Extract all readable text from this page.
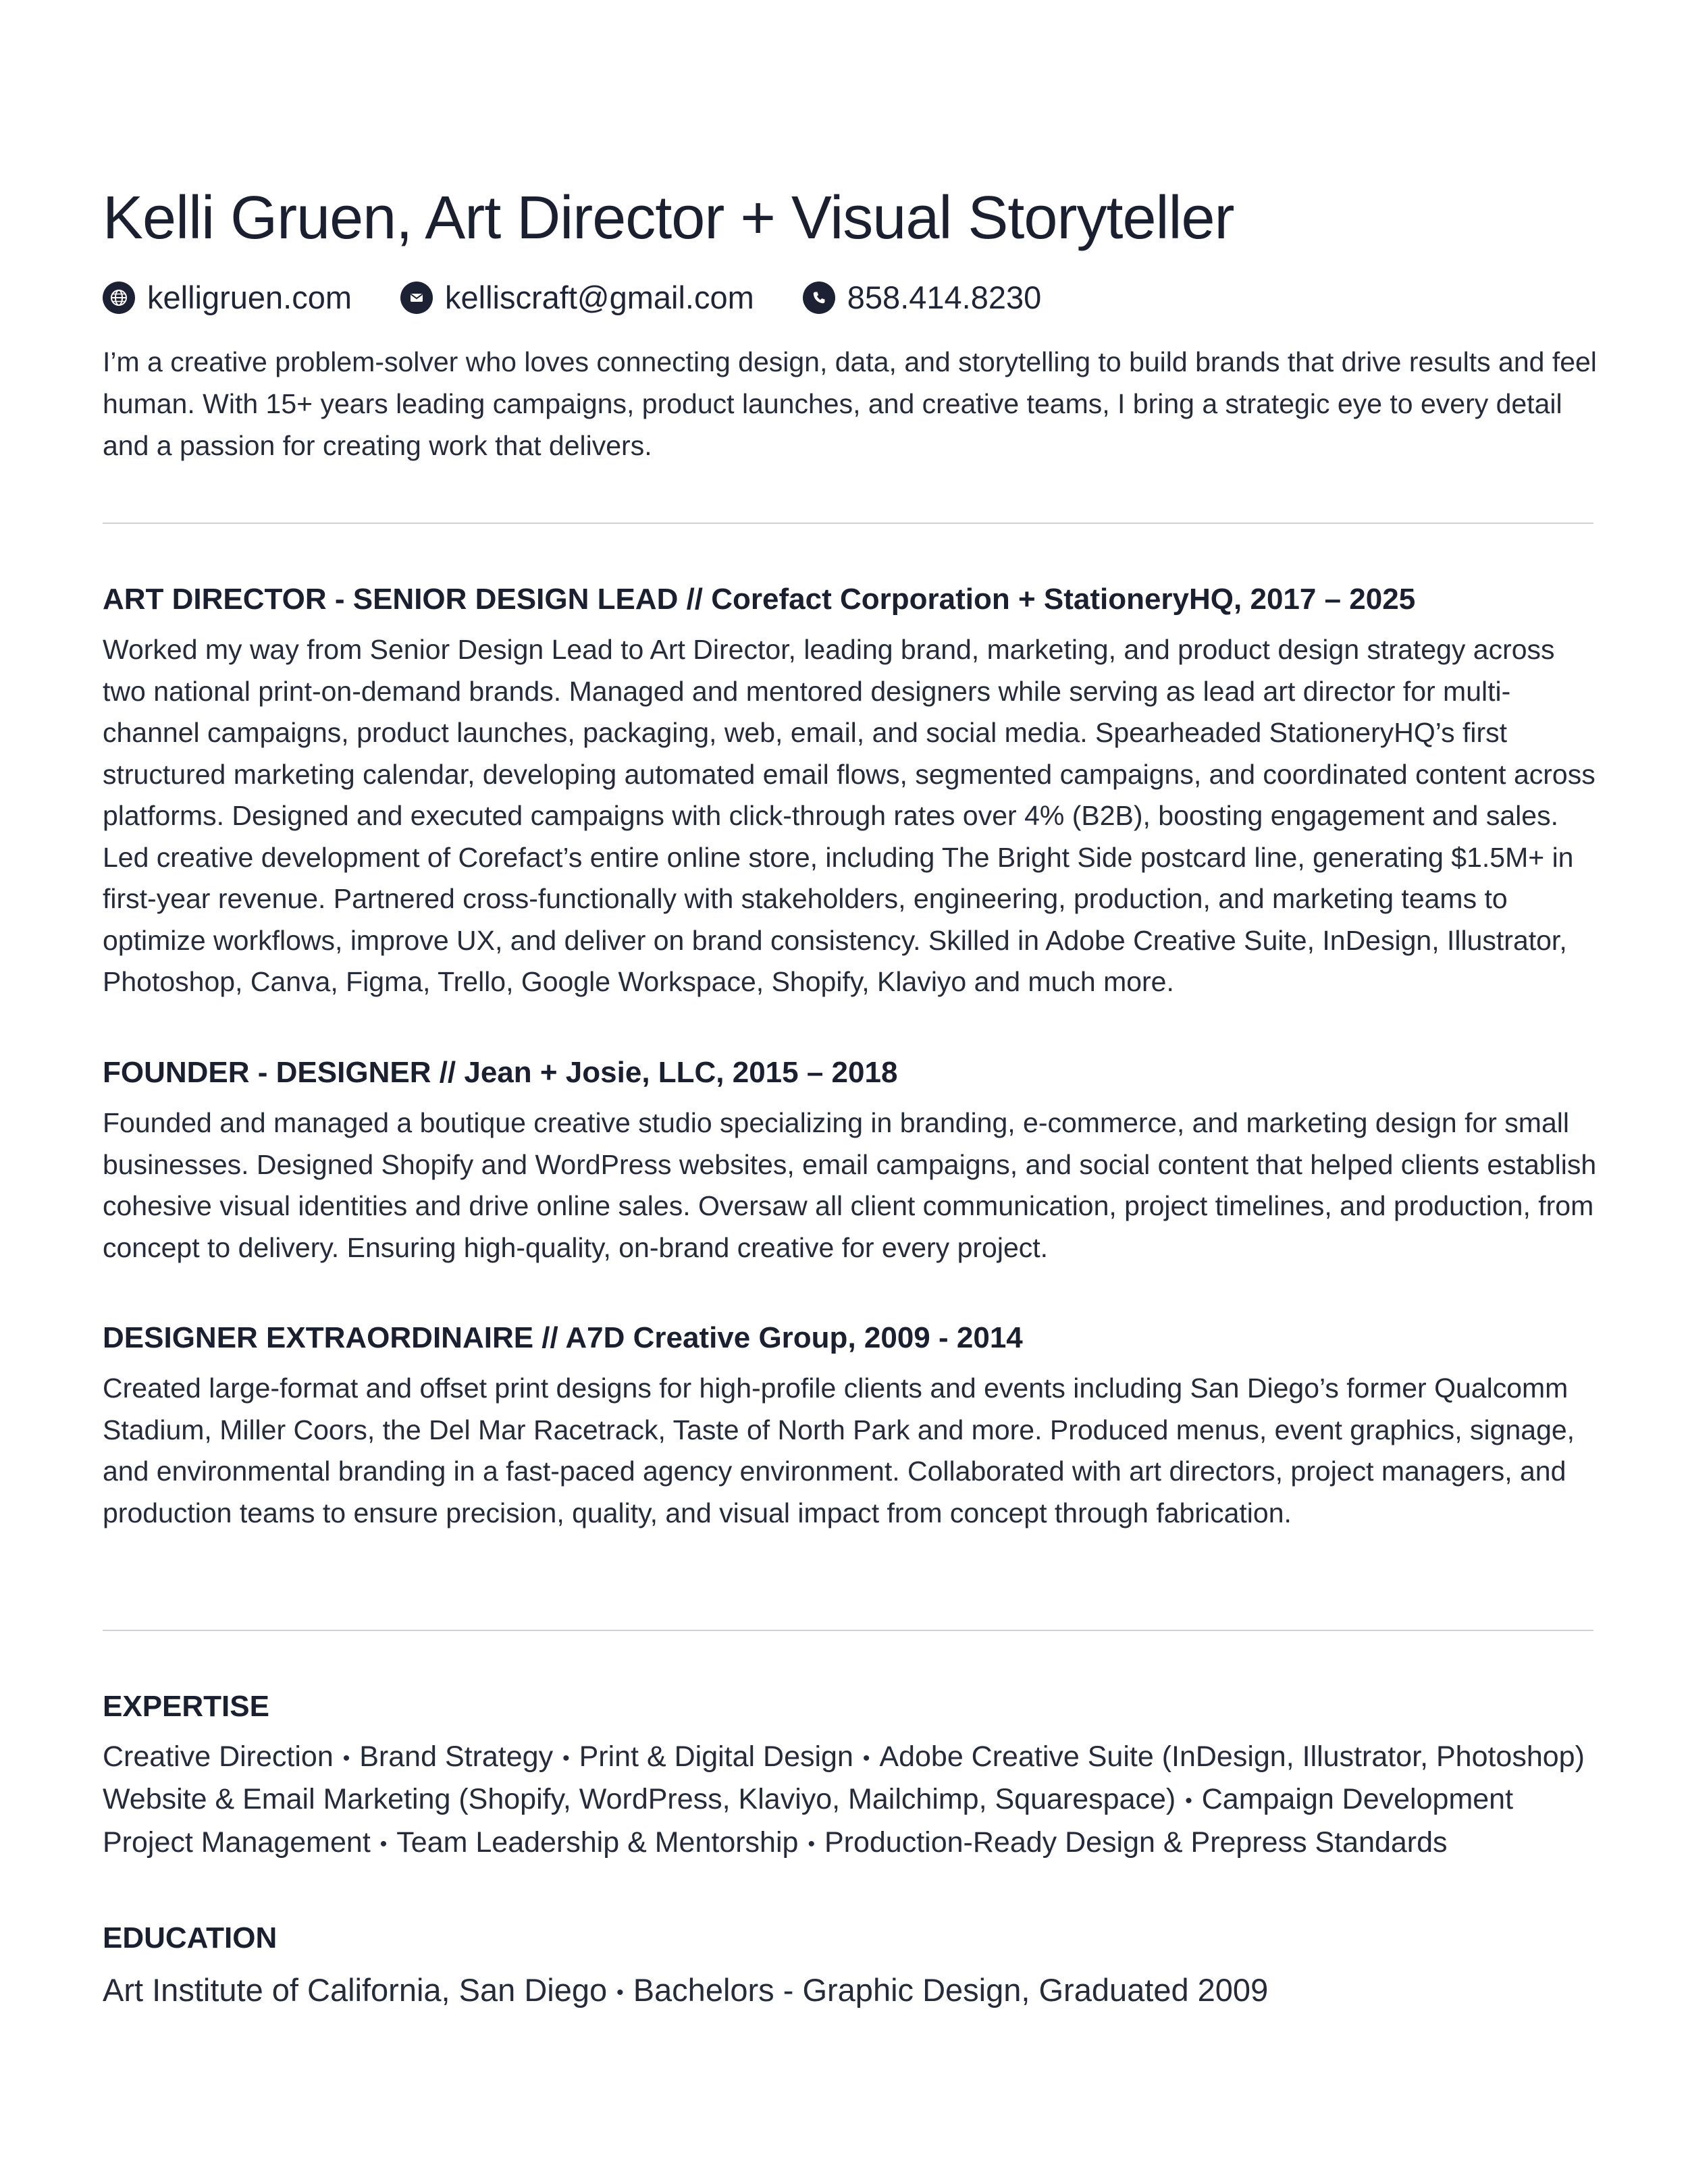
Kelli Gruen, Art Director + Visual Storyteller
kelligruen.com	kelliscraft@gmail.com	858.414.8230

I’m a creative problem-solver who loves connecting design, data, and storytelling to build brands that drive results and feel human. With 15+ years leading campaigns, product launches, and creative teams, I bring a strategic eye to every detail and a passion for creating work that delivers.

ART DIRECTOR - SENIOR DESIGN LEAD // Corefact Corporation + StationeryHQ, 2017 – 2025

Worked my way from Senior Design Lead to Art Director, leading brand, marketing, and product design strategy across two national print-on-demand brands. Managed and mentored designers while serving as lead art director for multi-channel campaigns, product launches, packaging, web, email, and social media. Spearheaded StationeryHQ’s first structured marketing calendar, developing automated email flows, segmented campaigns, and coordinated content across platforms. Designed and executed campaigns with click-through rates over 4% (B2B), boosting engagement and sales. Led creative development of Corefact’s entire online store, including The Bright Side postcard line, generating $1.5M+ in first-year revenue. Partnered cross-functionally with stakeholders, engineering, production, and marketing teams to optimize workflows, improve UX, and deliver on brand consistency. Skilled in Adobe Creative Suite, InDesign, Illustrator, Photoshop, Canva, Figma, Trello, Google Workspace, Shopify, Klaviyo and much more.

FOUNDER - DESIGNER // Jean + Josie, LLC, 2015 – 2018

Founded and managed a boutique creative studio specializing in branding, e-commerce, and marketing design for small businesses. Designed Shopify and WordPress websites, email campaigns, and social content that helped clients establish cohesive visual identities and drive online sales. Oversaw all client communication, project timelines, and production, from concept to delivery. Ensuring high-quality, on-brand creative for every project.

DESIGNER EXTRAORDINAIRE // A7D Creative Group, 2009 - 2014

Created large-format and offset print designs for high-profile clients and events including San Diego’s former Qualcomm Stadium, Miller Coors, the Del Mar Racetrack, Taste of North Park and more. Produced menus, event graphics, signage, and environmental branding in a fast-paced agency environment. Collaborated with art directors, project managers, and production teams to ensure precision, quality, and visual impact from concept through fabrication.

EXPERTISE
Creative Direction • Brand Strategy • Print & Digital Design • Adobe Creative Suite (InDesign, Illustrator, Photoshop)
Website & Email Marketing (Shopify, WordPress, Klaviyo, Mailchimp, Squarespace) • Campaign Development
Project Management • Team Leadership & Mentorship • Production-Ready Design & Prepress Standards
EDUCATION
Art Institute of California, San Diego • Bachelors - Graphic Design, Graduated 2009
